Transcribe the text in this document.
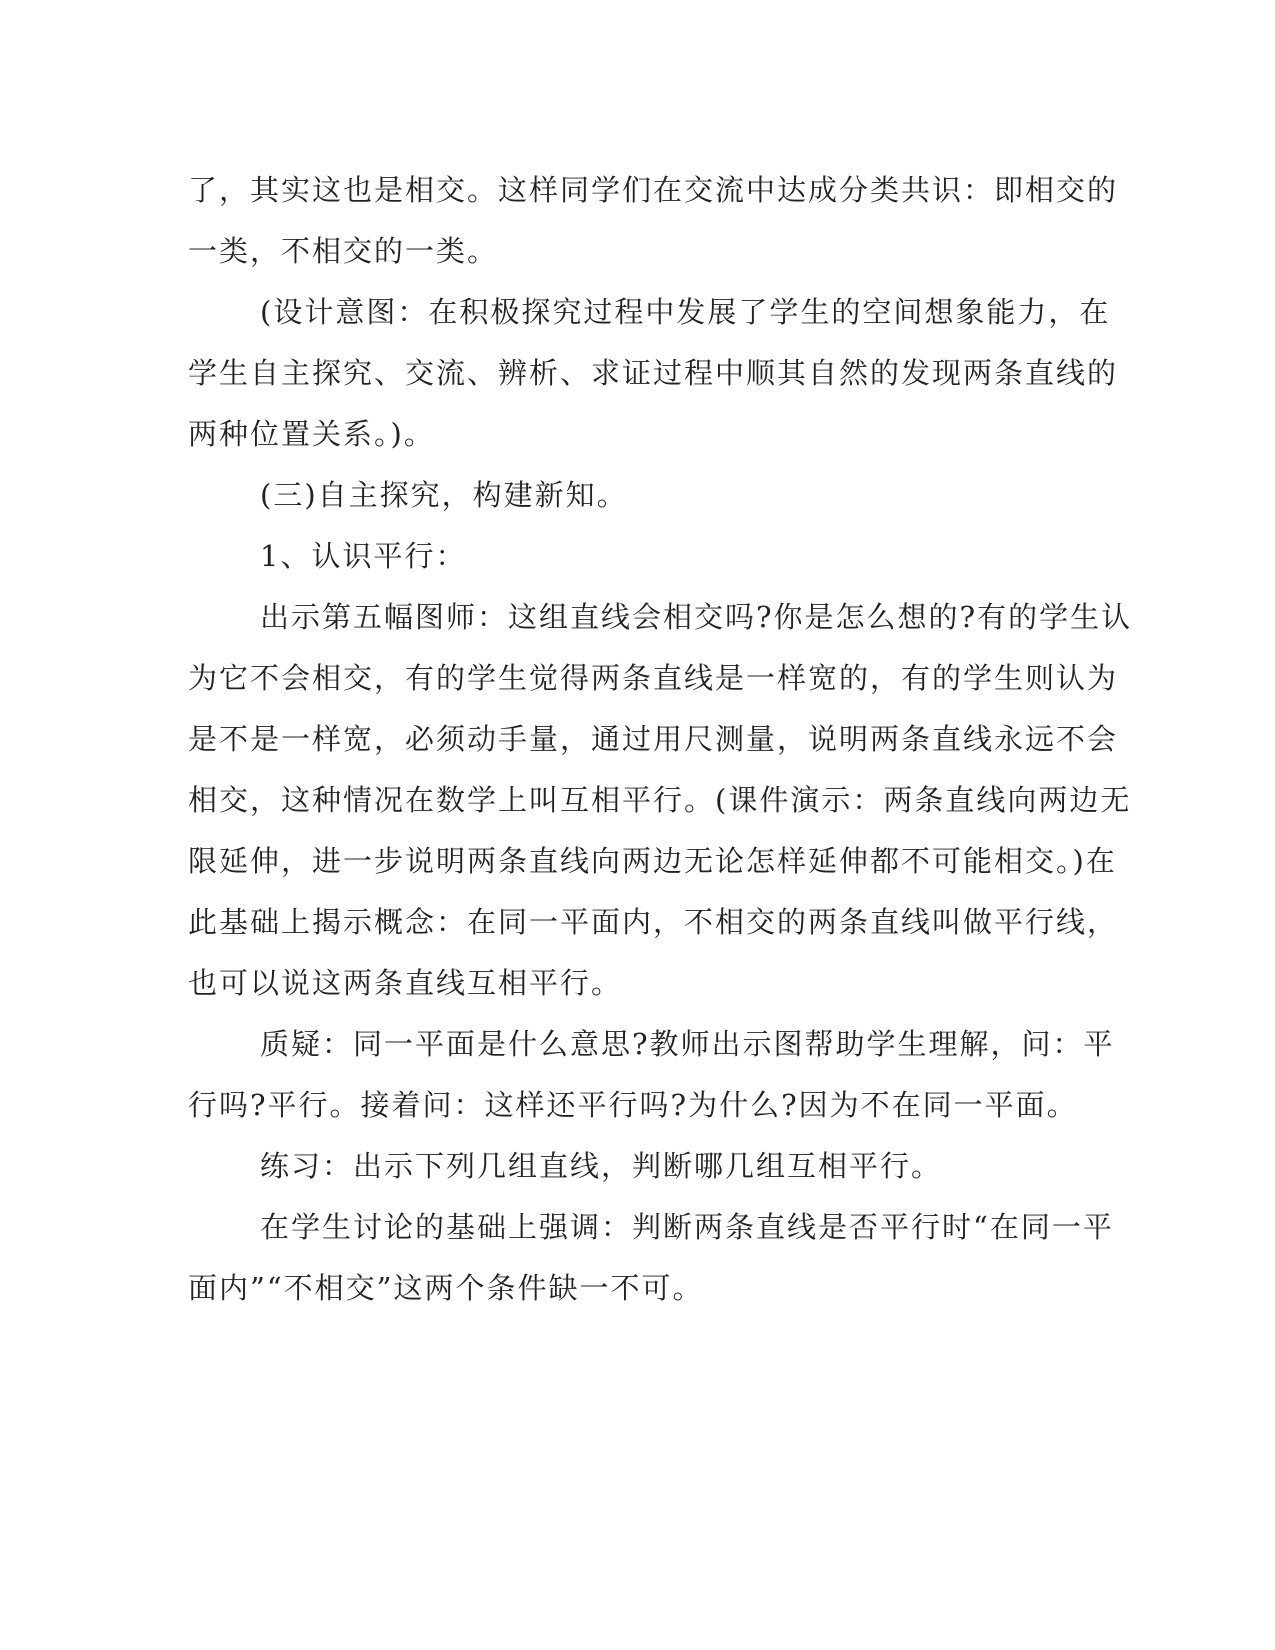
了，其实这也是相交。这样同学们在交流中达成分类共识：即相交的
一类，不相交的一类。
(设计意图：在积极探究过程中发展了学生的空间想象能力，在
学生自主探究、交流、辨析、求证过程中顺其自然的发现两条直线的
两种位置关系。)。
(三)自主探究，构建新知。
1、认识平行：
出示第五幅图师：这组直线会相交吗?你是怎么想的?有的学生认
为它不会相交，有的学生觉得两条直线是一样宽的，有的学生则认为
是不是一样宽，必须动手量，通过用尺测量，说明两条直线永远不会
相交，这种情况在数学上叫互相平行。(课件演示：两条直线向两边无
限延伸，进一步说明两条直线向两边无论怎样延伸都不可能相交。)在
此基础上揭示概念：在同一平面内，不相交的两条直线叫做平行线，
也可以说这两条直线互相平行。
质疑：同一平面是什么意思?教师出示图帮助学生理解，问：平
行吗?平行。接着问：这样还平行吗?为什么?因为不在同一平面。
练习：出示下列几组直线，判断哪几组互相平行。
在学生讨论的基础上强调：判断两条直线是否平行时“在同一平
面内”“不相交”这两个条件缺一不可。
